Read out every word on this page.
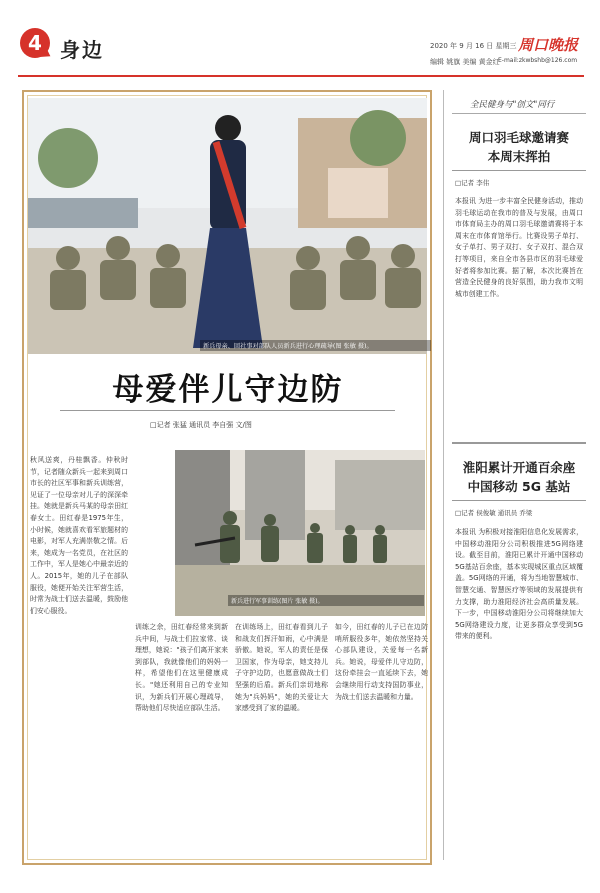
4 身边	2020 年 9 月 16 日 星期三
编辑 姚旗 美编 黄金红
周口晚报
E-mail:zkwbshb@126.com
新兵母亲、回社事对部队人员新兵进行心理疏导(图 张敏 摄)。
母爱伴儿守边防
□记者 张猛 通讯员 李自强 文/图
秋风送爽，丹桂飘香。仲秋时节，记者随众新兵一起来到周口市长的社区军事和新兵训练营，见证了一位母亲对儿子的深深牵挂。她就是新兵马某的母亲田红春女士。田红春是1975年生，小时候，她就喜欢看军旅题材的电影，对军人充满崇敬之情。后来，她成为一名党员，在社区的工作中，军人是她心中最亲近的人。2015年，她的儿子在部队服役，她便开始关注军营生活，时常为战士们送去温暖，鼓励他们安心服役。
新兵进行军事训练(图片 张敏 摄)。
训练之余，田红春经常来到新兵中间，与战士们拉家常、谈理想，她说："孩子们离开家来到部队，我就像他们的妈妈一样，希望他们在这里健康成长。"她还利用自己的专业知识，为新兵们开展心理疏导，帮助他们尽快适应部队生活。
在训练场上，田红春看到儿子和战友们挥汗如雨，心中满是骄傲。她说，军人的责任是保卫国家，作为母亲，她支持儿子守护边防，也愿意做战士们坚强的后盾。新兵们亲切地称她为"兵妈妈"，她的关爱让大家感受到了家的温暖。
如今，田红春的儿子已在边防哨所服役多年，她依然坚持关心部队建设，关爱每一名新兵。她说，母爱伴儿守边防，这份牵挂会一直延续下去，她会继续用行动支持国防事业，为战士们送去温暖和力量。
全民健身与"创文"同行
周口羽毛球邀请赛
本周末挥拍
□记者 李伟
本报讯 为进一步丰富全民健身活动，推动羽毛球运动在我市的普及与发展，由周口市体育局主办的周口羽毛球邀请赛将于本周末在市体育馆举行。比赛设男子单打、女子单打、男子双打、女子双打、混合双打等项目，来自全市各县市区的羽毛球爱好者将参加比赛。据了解，本次比赛旨在营造全民健身的良好氛围，助力我市文明城市创建工作。
淮阳累计开通百余座
中国移动 5G 基站
□记者 侯俊敏 通讯员 乔梁
本报讯 为积极对接淮阳信息化发展需求，中国移动淮阳分公司积极推进5G网络建设。截至目前，淮阳已累计开通中国移动5G基站百余座，基本实现城区重点区域覆盖。5G网络的开通，将为当地智慧城市、智慧交通、智慧医疗等领域的发展提供有力支撑，助力淮阳经济社会高质量发展。下一步，中国移动淮阳分公司将继续加大5G网络建设力度，让更多群众享受到5G带来的便利。
